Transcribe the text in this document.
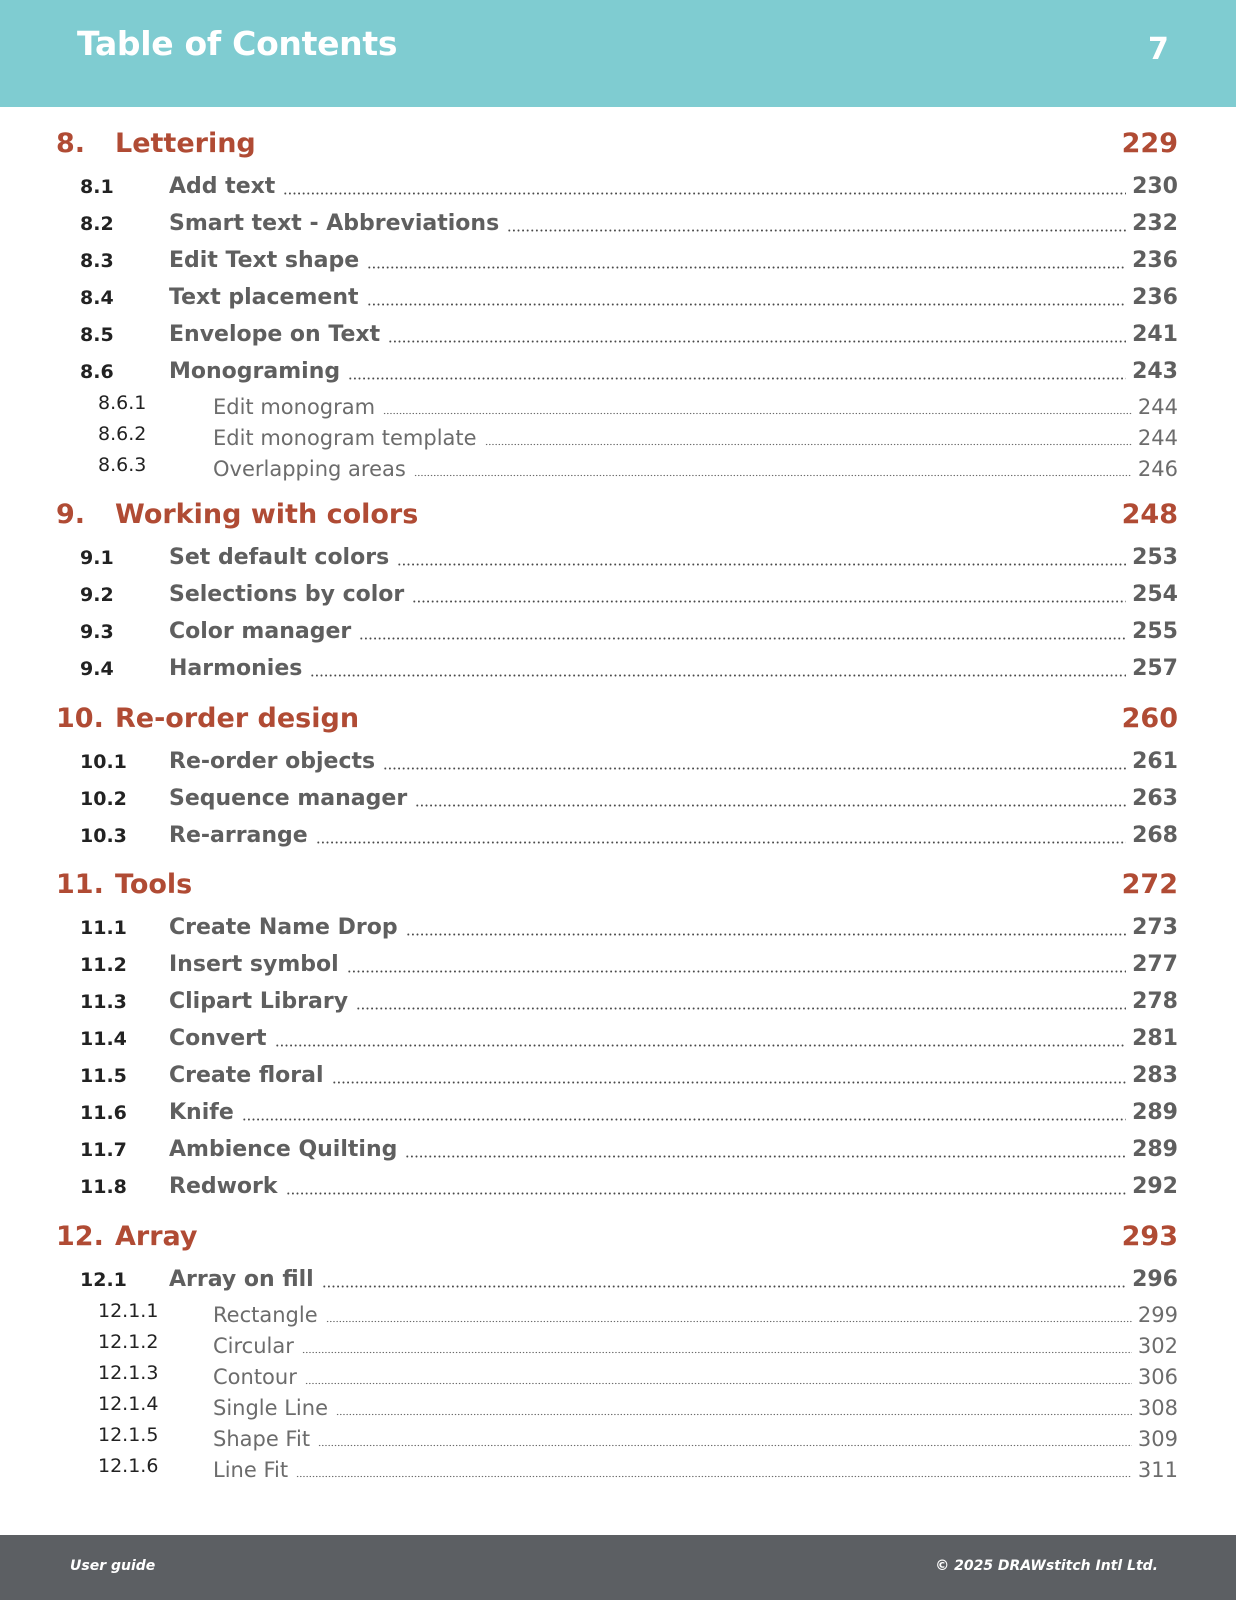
Table of Contents	7
8. Lettering	229
8.1	Add text	230
8.2	Smart text - Abbreviations	232
8.3	Edit Text shape	236
8.4	Text placement	236
8.5	Envelope on Text	241
8.6	Monograming	243
8.6.1	Edit monogram	244
8.6.2	Edit monogram template	244
8.6.3	Overlapping areas	246
9. Working with colors	248
9.1	Set default colors	253
9.2	Selections by color	254
9.3	Color manager	255
9.4	Harmonies	257
10. Re-order design	260
10.1 Re-order objects	261
10.2 Sequence manager	263
10.3 Re-arrange	268
11. Tools	272
11.1 Create Name Drop	273
11.2 Insert symbol	277
11.3 Clipart Library	278
11.4 Convert	281
11.5 Create floral	283
11.6 Knife	289
11.7 Ambience Quilting	289
11.8 Redwork	292
12. Array	293
12.1 Array on fill	296
12.1.1	Rectangle	299
12.1.2	Circular	302
12.1.3	Contour	306
12.1.4	Single Line	308
12.1.5	Shape Fit	309
12.1.6	Line Fit	311
User guide	© 2025 DRAWstitch Intl Ltd.
